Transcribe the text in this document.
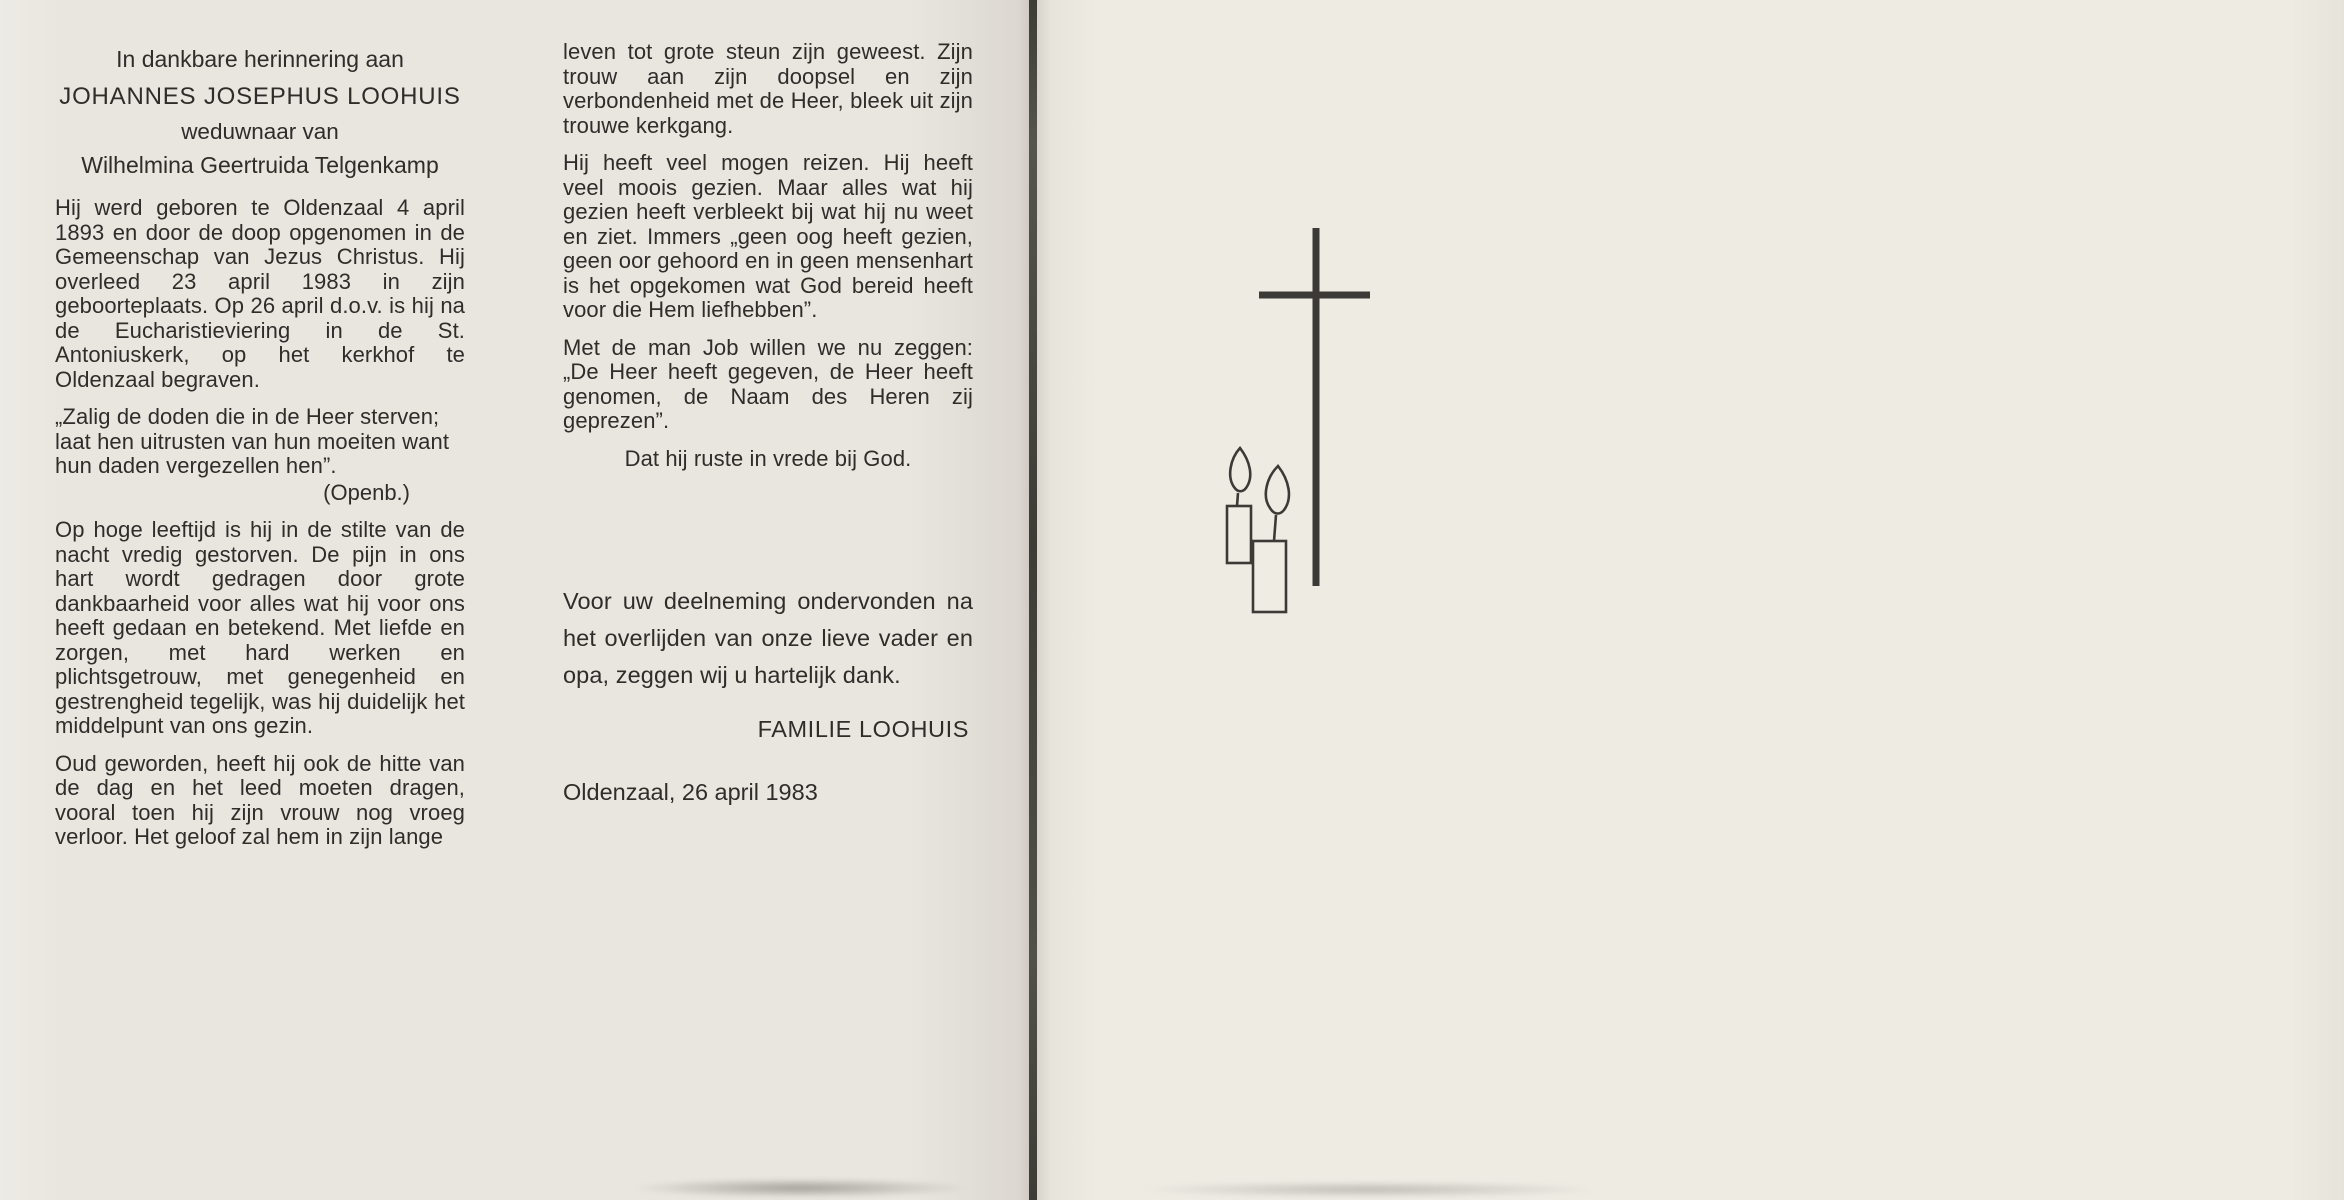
In dankbare herinnering aan
JOHANNES JOSEPHUS LOOHUIS
weduwnaar van
Wilhelmina Geertruida Telgenkamp

Hij werd geboren te Oldenzaal 4 april 1893 en door de doop opgenomen in de Gemeenschap van Jezus Christus. Hij overleed 23 april 1983 in zijn geboorteplaats. Op 26 april d.o.v. is hij na de Eucharistieviering in de St. Antoniuskerk, op het kerkhof te Oldenzaal begraven.

„Zalig de doden die in de Heer sterven; laat hen uitrusten van hun moeiten want hun daden vergezellen hen”.

(Openb.)

Op hoge leeftijd is hij in de stilte van de nacht vredig gestorven. De pijn in ons hart wordt gedragen door grote dankbaarheid voor alles wat hij voor ons heeft gedaan en betekend. Met liefde en zorgen, met hard werken en plichtsgetrouw, met genegenheid en gestrengheid tegelijk, was hij duidelijk het middelpunt van ons gezin.

Oud geworden, heeft hij ook de hitte van de dag en het leed moeten dragen, vooral toen hij zijn vrouw nog vroeg verloor. Het geloof zal hem in zijn lange

leven tot grote steun zijn geweest. Zijn trouw aan zijn doopsel en zijn verbondenheid met de Heer, bleek uit zijn trouwe kerkgang.

Hij heeft veel mogen reizen. Hij heeft veel moois gezien. Maar alles wat hij gezien heeft verbleekt bij wat hij nu weet en ziet. Immers „geen oog heeft gezien, geen oor gehoord en in geen mensenhart is het opgekomen wat God bereid heeft voor die Hem liefhebben”.

Met de man Job willen we nu zeggen: „De Heer heeft gegeven, de Heer heeft genomen, de Naam des Heren zij geprezen”.

Dat hij ruste in vrede bij God.

Voor uw deelneming ondervonden na het overlijden van onze lieve vader en opa, zeggen wij u hartelijk dank.

FAMILIE LOOHUIS
Oldenzaal, 26 april 1983
